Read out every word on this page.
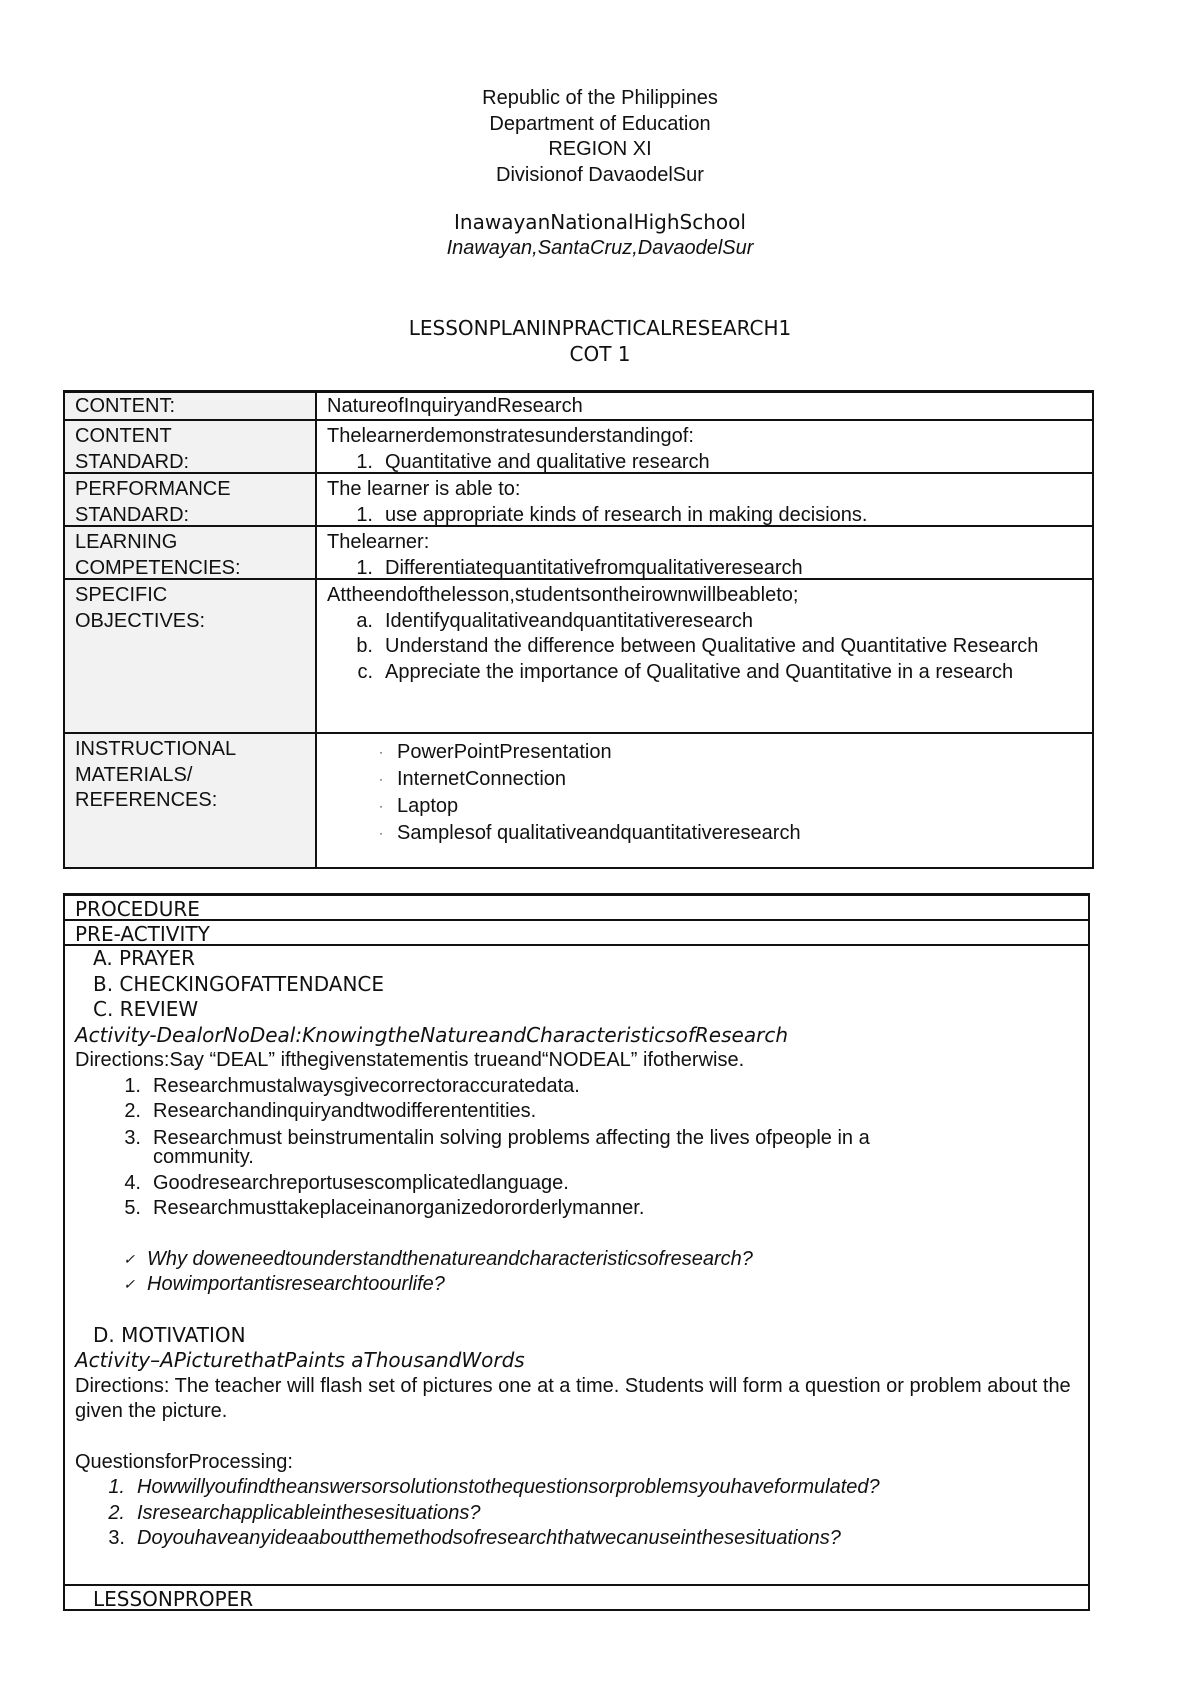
Republic of the Philippines
Department of Education
REGION XI
Divisionof DavaodelSur
InawayanNationalHighSchool
Inawayan,SantaCruz,DavaodelSur
LESSONPLANINPRACTICALRESEARCH1
COT 1
CONTENT:	NatureofInquiryandResearch
CONTENT
STANDARD:
Thelearnerdemonstratesunderstandingof:
1. Quantitative and qualitative research
PERFORMANCE
STANDARD:
The learner is able to:
1. use appropriate kinds of research in making decisions.
LEARNING
COMPETENCIES:
Thelearner:
1. Differentiatequantitativefromqualitativeresearch
SPECIFIC
OBJECTIVES:
Attheendofthelesson,studentsontheirownwillbeableto;
a. Identifyqualitativeandquantitativeresearch
b. Understand the difference between Qualitative and Quantitative Research
c. Appreciate the importance of Qualitative and Quantitative in a research
INSTRUCTIONAL
MATERIALS/
REFERENCES:
· PowerPointPresentation
· InternetConnection
· Laptop
· Samplesof qualitativeandquantitativeresearch
PROCEDURE
PRE-ACTIVITY
A. PRAYER
B. CHECKINGOFATTENDANCE
C. REVIEW
Activity-DealorNoDeal:KnowingtheNatureandCharacteristicsofResearch
Directions:Say “DEAL” ifthegivenstatementis trueand“NODEAL” ifotherwise.
1. Researchmustalwaysgivecorrectoraccuratedata.
2. Researchandinquiryandtwodifferententities.
3. Researchmust beinstrumentalin solving problems affecting the lives ofpeople in a community.
4. Goodresearchreportusescomplicatedlanguage.
5. Researchmusttakeplaceinanorganizedororderlymanner.
✓ Why doweneedtounderstandthenatureandcharacteristicsofresearch?
✓ Howimportantisresearchtoourlife?
D. MOTIVATION
Activity–APicturethatPaints aThousandWords
Directions: The teacher will flash set of pictures one at a time. Students will form a question or problem about the given the picture.
QuestionsforProcessing:
1. Howwillyoufindtheanswersorsolutionstothequestionsorproblemsyouhaveformulated?
2. Isresearchapplicableinthesesituations?
3. Doyouhaveanyideaaboutthemethodsofresearchthatwecanuseinthesesituations?
LESSONPROPER
